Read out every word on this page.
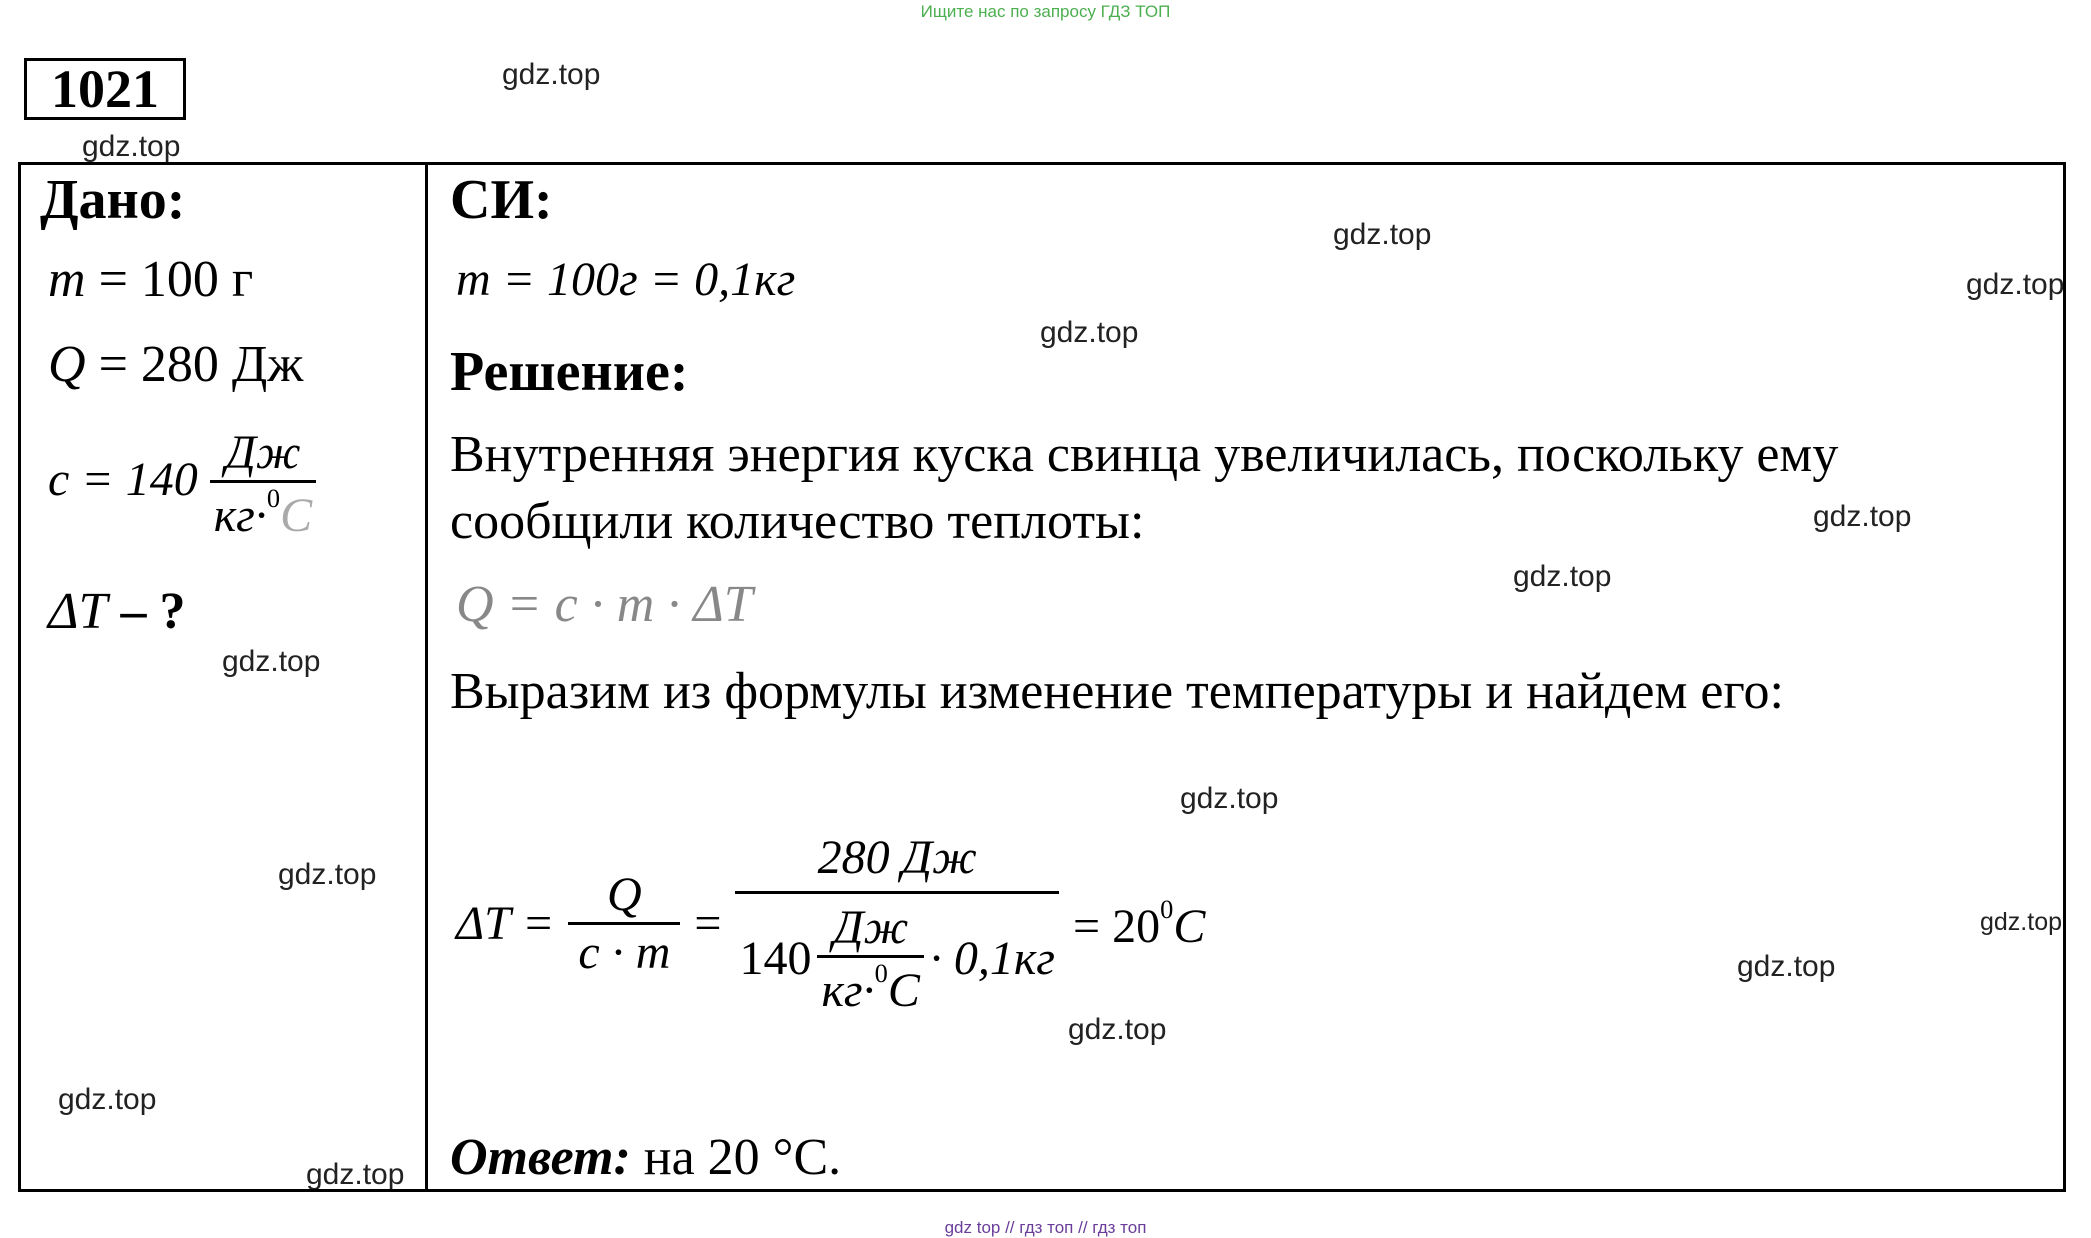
Ищите нас по запросу ГДЗ ТОП
1021	gdz.top
gdz.top
gdz.top
gdz.top
gdz.top
gdz.top
gdz.top
gdz.top
gdz.top
gdz.top
gdz.top
gdz.top
gdz.top
gdz.top
gdz.top
Дано:
m = 100 г
Q = 280 Дж
$c = 140 \frac{Дж}{кг\cdot^0C}$
ΔT – ?
СИ:
m = 100г = 0,1кг
Решение:
Внутренняя энергия куска свинца увеличилась, поскольку ему
сообщили количество теплоты:
Q = c · m · ΔT
Выразим из формулы изменение температуры и найдем его:
$\Delta T = \frac{Q}{c \cdot m} = \frac{280 Дж}{140 \frac{Дж}{кг\cdot^0C} \cdot 0,1кг} = 20^0C$
Ответ: на 20 °С.
gdz top // гдз топ // гдз топ
